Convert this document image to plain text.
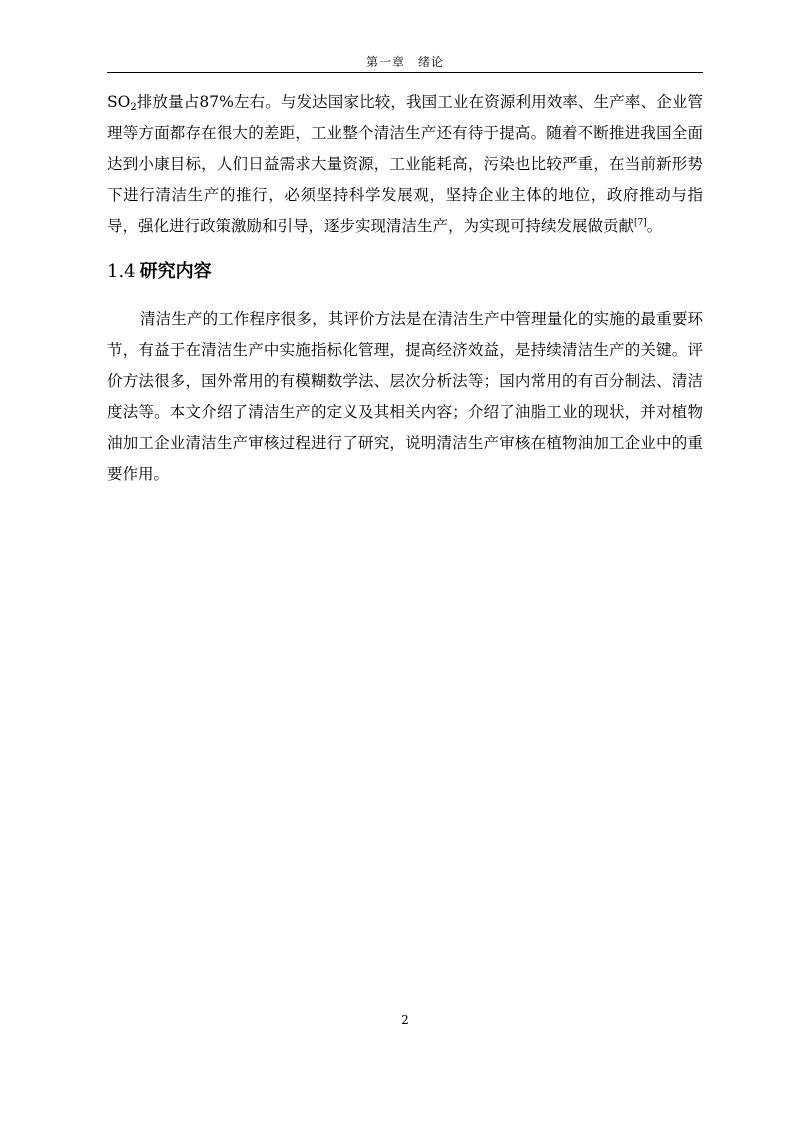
第一章　绪论

$SO_2$排放量占87%左右。与发达国家比较，我国工业在资源利用效率、生产率、企业管理等方面都存在很大的差距，工业整个清洁生产还有待于提高。随着不断推进我国全面达到小康目标，人们日益需求大量资源，工业能耗高，污染也比较严重，在当前新形势下进行清洁生产的推行，必须坚持科学发展观，坚持企业主体的地位，政府推动与指导，强化进行政策激励和引导，逐步实现清洁生产，为实现可持续发展做贡献[7]。

1.4 研究内容

清洁生产的工作程序很多，其评价方法是在清洁生产中管理量化的实施的最重要环节，有益于在清洁生产中实施指标化管理，提高经济效益，是持续清洁生产的关键。评价方法很多，国外常用的有模糊数学法、层次分析法等；国内常用的有百分制法、清洁度法等。本文介绍了清洁生产的定义及其相关内容；介绍了油脂工业的现状，并对植物油加工企业清洁生产审核过程进行了研究，说明清洁生产审核在植物油加工企业中的重要作用。

2
